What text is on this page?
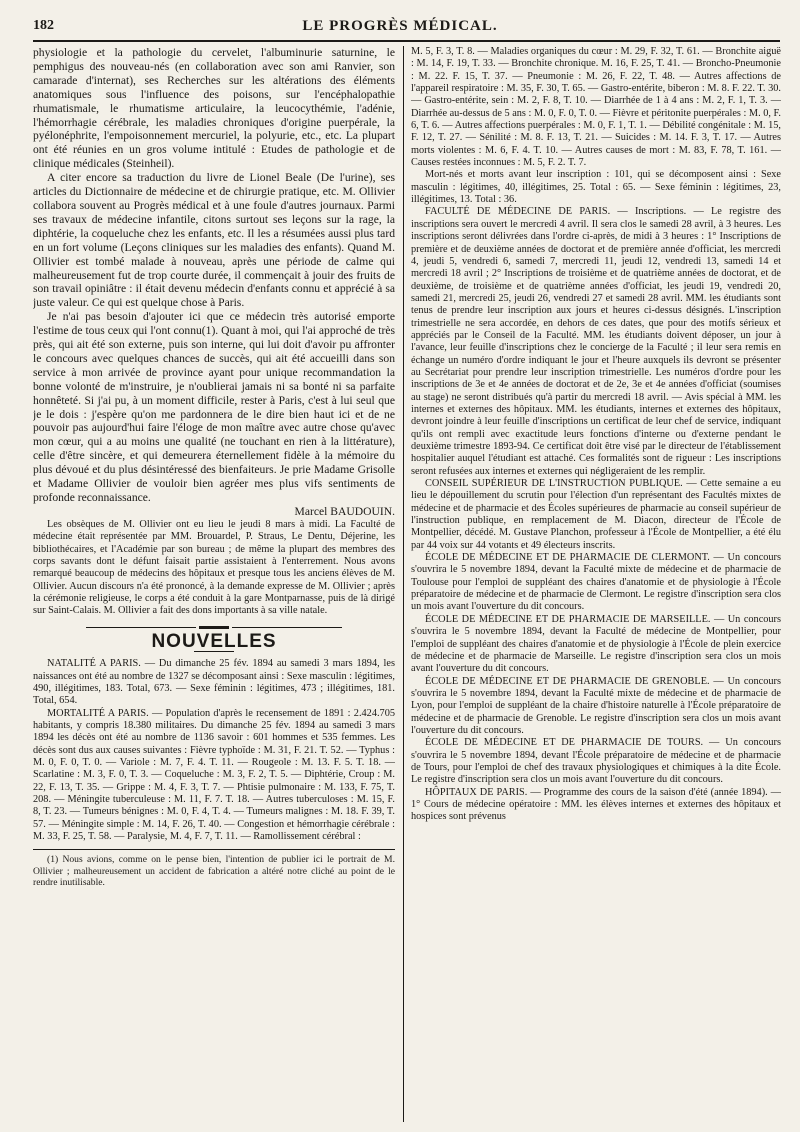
182	LE PROGRÈS MÉDICAL.

physiologie et la pathologie du cervelet, l'albuminurie saturnine, le pemphigus des nouveau-nés (en collaboration avec son ami Ranvier, son camarade d'internat), ses Recherches sur les altérations des éléments anatomiques sous l'influence des poisons, sur l'encéphalopathie rhumatismale, le rhumatisme articulaire, la leucocythémie, l'adénie, l'hémorrhagie cérébrale, les maladies chroniques d'origine puerpérale, la pyélonéphrite, l'empoisonnement mercuriel, la polyurie, etc., etc. La plupart ont été réunies en un gros volume intitulé : Etudes de pathologie et de clinique médicales (Steinheil).

A citer encore sa traduction du livre de Lionel Beale (De l'urine), ses articles du Dictionnaire de médecine et de chirurgie pratique, etc. M. Ollivier collabora souvent au Progrès médical et à une foule d'autres journaux. Parmi ses travaux de médecine infantile, citons surtout ses leçons sur la rage, la diphtérie, la coqueluche chez les enfants, etc. Il les a résumées aussi plus tard en un fort volume (Leçons cliniques sur les maladies des enfants). Quand M. Ollivier est tombé malade à nouveau, après une période de calme qui malheureusement fut de trop courte durée, il commençait à jouir des fruits de son travail opiniâtre : il était devenu médecin d'enfants connu et apprécié à sa juste valeur. Ce qui est quelque chose à Paris.

Je n'ai pas besoin d'ajouter ici que ce médecin très autorisé emporte l'estime de tous ceux qui l'ont connu(1). Quant à moi, qui l'ai approché de très près, qui ait été son externe, puis son interne, qui lui doit d'avoir pu affronter le concours avec quelques chances de succès, qui ait été accueilli dans son service à mon arrivée de province ayant pour unique recommandation la bonne volonté de m'instruire, je n'oublierai jamais ni sa bonté ni sa parfaite honnêteté. Si j'ai pu, à un moment difficile, rester à Paris, c'est à lui seul que je le dois : j'espère qu'on me pardonnera de le dire bien haut ici et de ne pouvoir pas aujourd'hui faire l'éloge de mon maître avec autre chose qu'avec mon cœur, qui a au moins une qualité (ne touchant en rien à la littérature), celle d'être sincère, et qui demeurera éternellement fidèle à la mémoire du plus dévoué et du plus désintéressé des bienfaiteurs. Je prie Madame Grisolle et Madame Ollivier de vouloir bien agréer mes plus vifs sentiments de profonde reconnaissance.

Marcel BAUDOUIN.

Les obsèques de M. Ollivier ont eu lieu le jeudi 8 mars à midi. La Faculté de médecine était représentée par MM. Brouardel, P. Straus, Le Dentu, Déjerine, les bibliothécaires, et l'Académie par son bureau ; de même la plupart des membres des corps savants dont le défunt faisait partie assistaient à l'enterrement. Nous avons remarqué beaucoup de médecins des hôpitaux et presque tous les anciens élèves de M. Ollivier. Aucun discours n'a été prononcé, à la demande expresse de M. Ollivier ; après la cérémonie religieuse, le corps a été conduit à la gare Montparnasse, puis de là dirigé sur Saint-Calais. M. Ollivier a fait des dons importants à sa ville natale.

NOUVELLES

NATALITÉ A PARIS. — Du dimanche 25 fév. 1894 au samedi 3 mars 1894, les naissances ont été au nombre de 1327 se décomposant ainsi : Sexe masculin : légitimes, 490, illégitimes, 183. Total, 673. — Sexe féminin : légitimes, 473 ; illégitimes, 181. Total, 654.

MORTALITÉ A PARIS. — Population d'après le recensement de 1891 : 2.424.705 habitants, y compris 18.380 militaires. Du dimanche 25 fév. 1894 au samedi 3 mars 1894 les décès ont été au nombre de 1136 savoir : 601 hommes et 535 femmes. Les décès sont dus aux causes suivantes : Fièvre typhoïde : M. 31, F. 21. T. 52. — Typhus : M. 0, F. 0, T. 0. — Variole : M. 7, F. 4. T. 11. — Rougeole : M. 13. F. 5. T. 18. — Scarlatine : M. 3, F. 0, T. 3. — Coqueluche : M. 3, F. 2, T. 5. — Diphtérie, Croup : M. 22, F. 13, T. 35. — Grippe : M. 4, F. 3, T. 7. — Phtisie pulmonaire : M. 133, F. 75, T. 208. — Méningite tuberculeuse : M. 11, F. 7. T. 18. — Autres tuberculoses : M. 15, F. 8, T. 23. — Tumeurs bénignes : M. 0, F. 4, T. 4. — Tumeurs malignes : M. 18. F. 39, T. 57. — Méningite simple : M. 14, F. 26, T. 40. — Congestion et hémorrhagie cérébrale : M. 33, F. 25, T. 58. — Paralysie, M. 4, F. 7, T. 11. — Ramollissement cérébral :

(1) Nous avions, comme on le pense bien, l'intention de publier ici le portrait de M. Ollivier ; malheureusement un accident de fabrication a altéré notre cliché au point de le rendre inutilisable.

M. 5, F. 3, T. 8. — Maladies organiques du cœur : M. 29, F. 32, T. 61. — Bronchite aiguë : M. 14, F. 19, T. 33. — Bronchite chronique. M. 16, F. 25, T. 41. — Broncho-Pneumonie : M. 22. F. 15, T. 37. — Pneumonie : M. 26, F. 22, T. 48. — Autres affections de l'appareil respiratoire : M. 35, F. 30, T. 65. — Gastro-entérite, biberon : M. 8. F. 22. T. 30. — Gastro-entérite, sein : M. 2, F. 8, T. 10. — Diarrhée de 1 à 4 ans : M. 2, F. 1, T. 3. — Diarrhée au-dessus de 5 ans : M. 0, F. 0, T. 0. — Fièvre et péritonite puerpérales : M. 0, F. 6, T. 6. — Autres affections puerpérales : M. 0, F. 1, T. 1. — Débilité congénitale : M. 15, F. 12, T. 27. — Sénilité : M. 8. F. 13, T. 21. — Suicides : M. 14. F. 3, T. 17. — Autres morts violentes : M. 6, F. 4. T. 10. — Autres causes de mort : M. 83, F. 78, T. 161. — Causes restées inconnues : M. 5, F. 2. T. 7.

Mort-nés et morts avant leur inscription : 101, qui se décomposent ainsi : Sexe masculin : légitimes, 40, illégitimes, 25. Total : 65. — Sexe féminin : légitimes, 23, illégitimes, 13. Total : 36.

FACULTÉ DE MÉDECINE DE PARIS. — Inscriptions. — Le registre des inscriptions sera ouvert le mercredi 4 avril. Il sera clos le samedi 28 avril, à 3 heures. Les inscriptions seront délivrées dans l'ordre ci-après, de midi à 3 heures : 1° Inscriptions de première et de deuxième années de doctorat et de première année d'officiat, les mercredi 4, jeudi 5, vendredi 6, samedi 7, mercredi 11, jeudi 12, vendredi 13, samedi 14 et mercredi 18 avril ; 2° Inscriptions de troisième et de quatrième années de doctorat, et de deuxième, de troisième et de quatrième années d'officiat, les jeudi 19, vendredi 20, samedi 21, mercredi 25, jeudi 26, vendredi 27 et samedi 28 avril. MM. les étudiants sont tenus de prendre leur inscription aux jours et heures ci-dessus désignés. L'inscription trimestrielle ne sera accordée, en dehors de ces dates, que pour des motifs sérieux et appréciés par le Conseil de la Faculté. MM. les étudiants doivent déposer, un jour à l'avance, leur feuille d'inscriptions chez le concierge de la Faculté ; il leur sera remis en échange un numéro d'ordre indiquant le jour et l'heure auxquels ils devront se présenter au Secrétariat pour prendre leur inscription trimestrielle. Les numéros d'ordre pour les inscriptions de 3e et 4e années de doctorat et de 2e, 3e et 4e années d'officiat (soumises au stage) ne seront distribués qu'à partir du mercredi 18 avril. — Avis spécial à MM. les internes et externes des hôpitaux. MM. les étudiants, internes et externes des hôpitaux, devront joindre à leur feuille d'inscriptions un certificat de leur chef de service, indiquant qu'ils ont rempli avec exactitude leurs fonctions d'interne ou d'externe pendant le deuxième trimestre 1893-94. Ce certificat doit être visé par le directeur de l'établissement hospitalier auquel l'étudiant est attaché. Ces formalités sont de rigueur : Les inscriptions seront refusées aux internes et externes qui négligeraient de les remplir.

CONSEIL SUPÉRIEUR DE L'INSTRUCTION PUBLIQUE. — Cette semaine a eu lieu le dépouillement du scrutin pour l'élection d'un représentant des Facultés mixtes de médecine et de pharmacie et des Écoles supérieures de pharmacie au conseil supérieur de l'instruction publique, en remplacement de M. Diacon, directeur de l'École de Montpellier, décédé. M. Gustave Planchon, professeur à l'École de Montpellier, a été élu par 44 voix sur 44 votants et 49 électeurs inscrits.

ÉCOLE DE MÉDECINE ET DE PHARMACIE DE CLERMONT. — Un concours s'ouvrira le 5 novembre 1894, devant la Faculté mixte de médecine et de pharmacie de Toulouse pour l'emploi de suppléant des chaires d'anatomie et de physiologie à l'École préparatoire de médecine et de pharmacie de Clermont. Le registre d'inscription sera clos un mois avant l'ouverture du dit concours.

ÉCOLE DE MÉDECINE ET DE PHARMACIE DE MARSEILLE. — Un concours s'ouvrira le 5 novembre 1894, devant la Faculté de médecine de Montpellier, pour l'emploi de suppléant des chaires d'anatomie et de physiologie à l'École de plein exercice de médecine et de pharmacie de Marseille. Le registre d'inscription sera clos un mois avant l'ouverture du dit concours.

ÉCOLE DE MÉDECINE ET DE PHARMACIE DE GRENOBLE. — Un concours s'ouvrira le 5 novembre 1894, devant la Faculté mixte de médecine et de pharmacie de Lyon, pour l'emploi de suppléant de la chaire d'histoire naturelle à l'École préparatoire de médecine et de pharmacie de Grenoble. Le registre d'inscription sera clos un mois avant l'ouverture du dit concours.

ÉCOLE DE MÉDECINE ET DE PHARMACIE DE TOURS. — Un concours s'ouvrira le 5 novembre 1894, devant l'École préparatoire de médecine et de pharmacie de Tours, pour l'emploi de chef des travaux physiologiques et chimiques à la dite École. Le registre d'inscription sera clos un mois avant l'ouverture du dit concours.

HÔPITAUX DE PARIS. — Programme des cours de la saison d'été (année 1894). — 1° Cours de médecine opératoire : MM. les élèves internes et externes des hôpitaux et hospices sont prévenus
